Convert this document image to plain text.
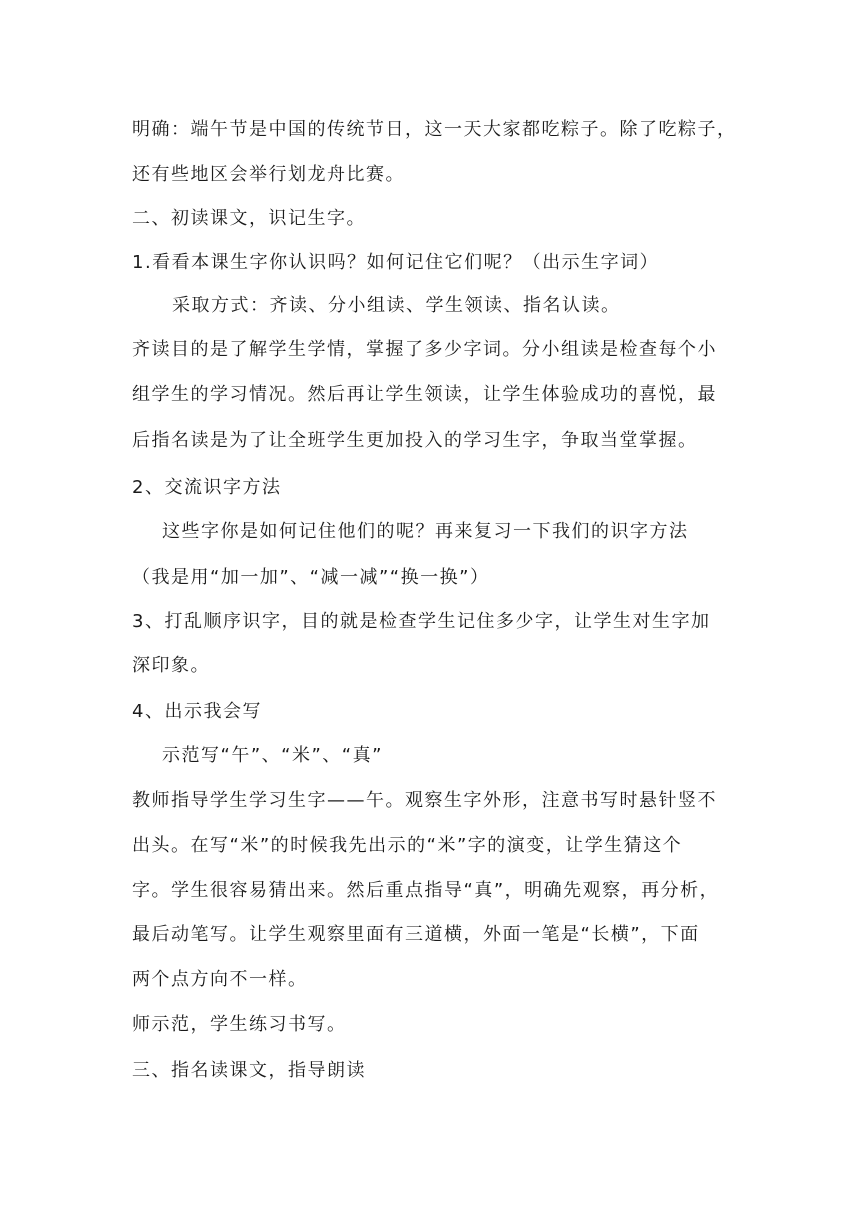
明确：端午节是中国的传统节日，这一天大家都吃粽子。除了吃粽子，

还有些地区会举行划龙舟比赛。

二、初读课文，识记生字。

1.看看本课生字你认识吗？如何记住它们呢？（出示生字词）

采取方式：齐读、分小组读、学生领读、指名认读。

齐读目的是了解学生学情，掌握了多少字词。分小组读是检查每个小

组学生的学习情况。然后再让学生领读，让学生体验成功的喜悦，最

后指名读是为了让全班学生更加投入的学习生字，争取当堂掌握。

2、交流识字方法

这些字你是如何记住他们的呢？再来复习一下我们的识字方法

（我是用“加一加”、“减一减”“换一换”）

3、打乱顺序识字，目的就是检查学生记住多少字，让学生对生字加

深印象。

4、出示我会写

示范写“午”、“米”、“真”

教师指导学生学习生字——午。观察生字外形，注意书写时悬针竖不

出头。在写“米”的时候我先出示的“米”字的演变，让学生猜这个

字。学生很容易猜出来。然后重点指导“真”，明确先观察，再分析，

最后动笔写。让学生观察里面有三道横，外面一笔是“长横”，下面

两个点方向不一样。

师示范，学生练习书写。

三、指名读课文，指导朗读
